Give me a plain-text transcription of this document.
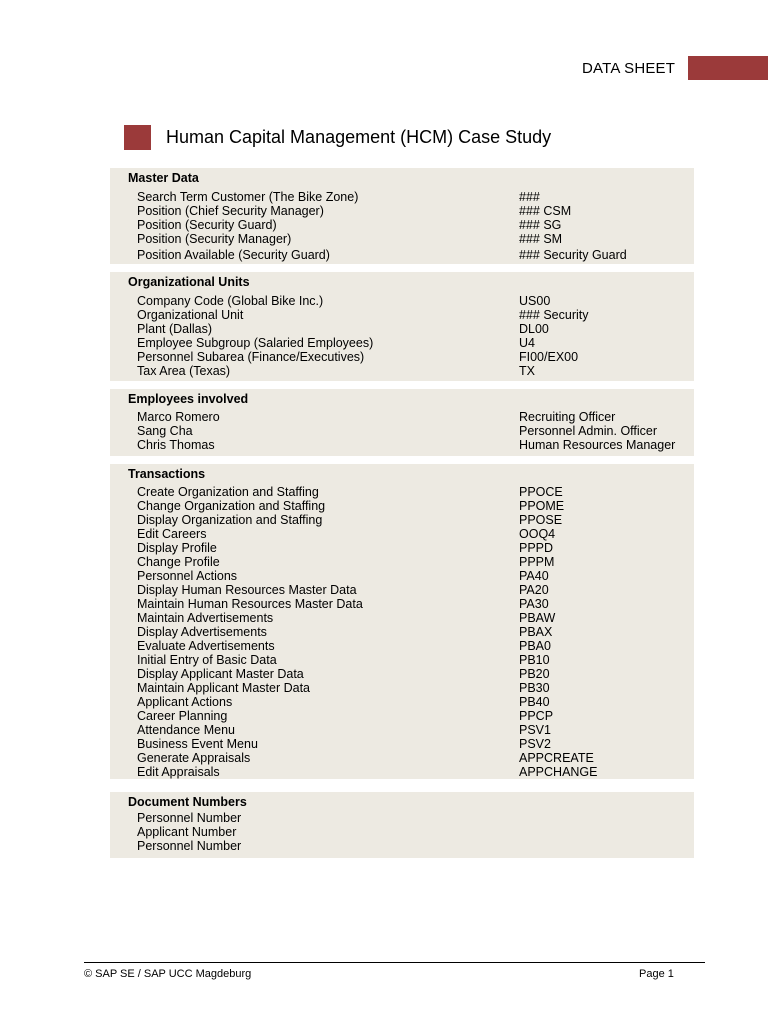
DATA SHEET
Human Capital Management (HCM) Case Study
Master Data
Search Term Customer (The Bike Zone)	###
Position (Chief Security Manager)	### CSM
Position (Security Guard)	### SG
Position (Security Manager)	### SM
Position Available (Security Guard)	### Security Guard
Organizational Units
Company Code (Global Bike Inc.)	US00
Organizational Unit	### Security
Plant (Dallas)	DL00
Employee Subgroup (Salaried Employees)	U4
Personnel Subarea (Finance/Executives)	FI00/EX00
Tax Area (Texas)	TX
Employees involved
Marco Romero	Recruiting Officer
Sang Cha	Personnel Admin. Officer
Chris Thomas	Human Resources Manager
Transactions
Create Organization and Staffing	PPOCE
Change Organization and Staffing	PPOME
Display Organization and Staffing	PPOSE
Edit Careers	OOQ4
Display Profile	PPPD
Change Profile	PPPM
Personnel Actions	PA40
Display Human Resources Master Data	PA20
Maintain Human Resources Master Data	PA30
Maintain Advertisements	PBAW
Display Advertisements	PBAX
Evaluate Advertisements	PBA0
Initial Entry of Basic Data	PB10
Display Applicant Master Data	PB20
Maintain Applicant Master Data	PB30
Applicant Actions	PB40
Career Planning	PPCP
Attendance Menu	PSV1
Business Event Menu	PSV2
Generate Appraisals	APPCREATE
Edit Appraisals	APPCHANGE
Document Numbers
Personnel Number
Applicant Number
Personnel Number
© SAP SE / SAP UCC Magdeburg	Page 1
